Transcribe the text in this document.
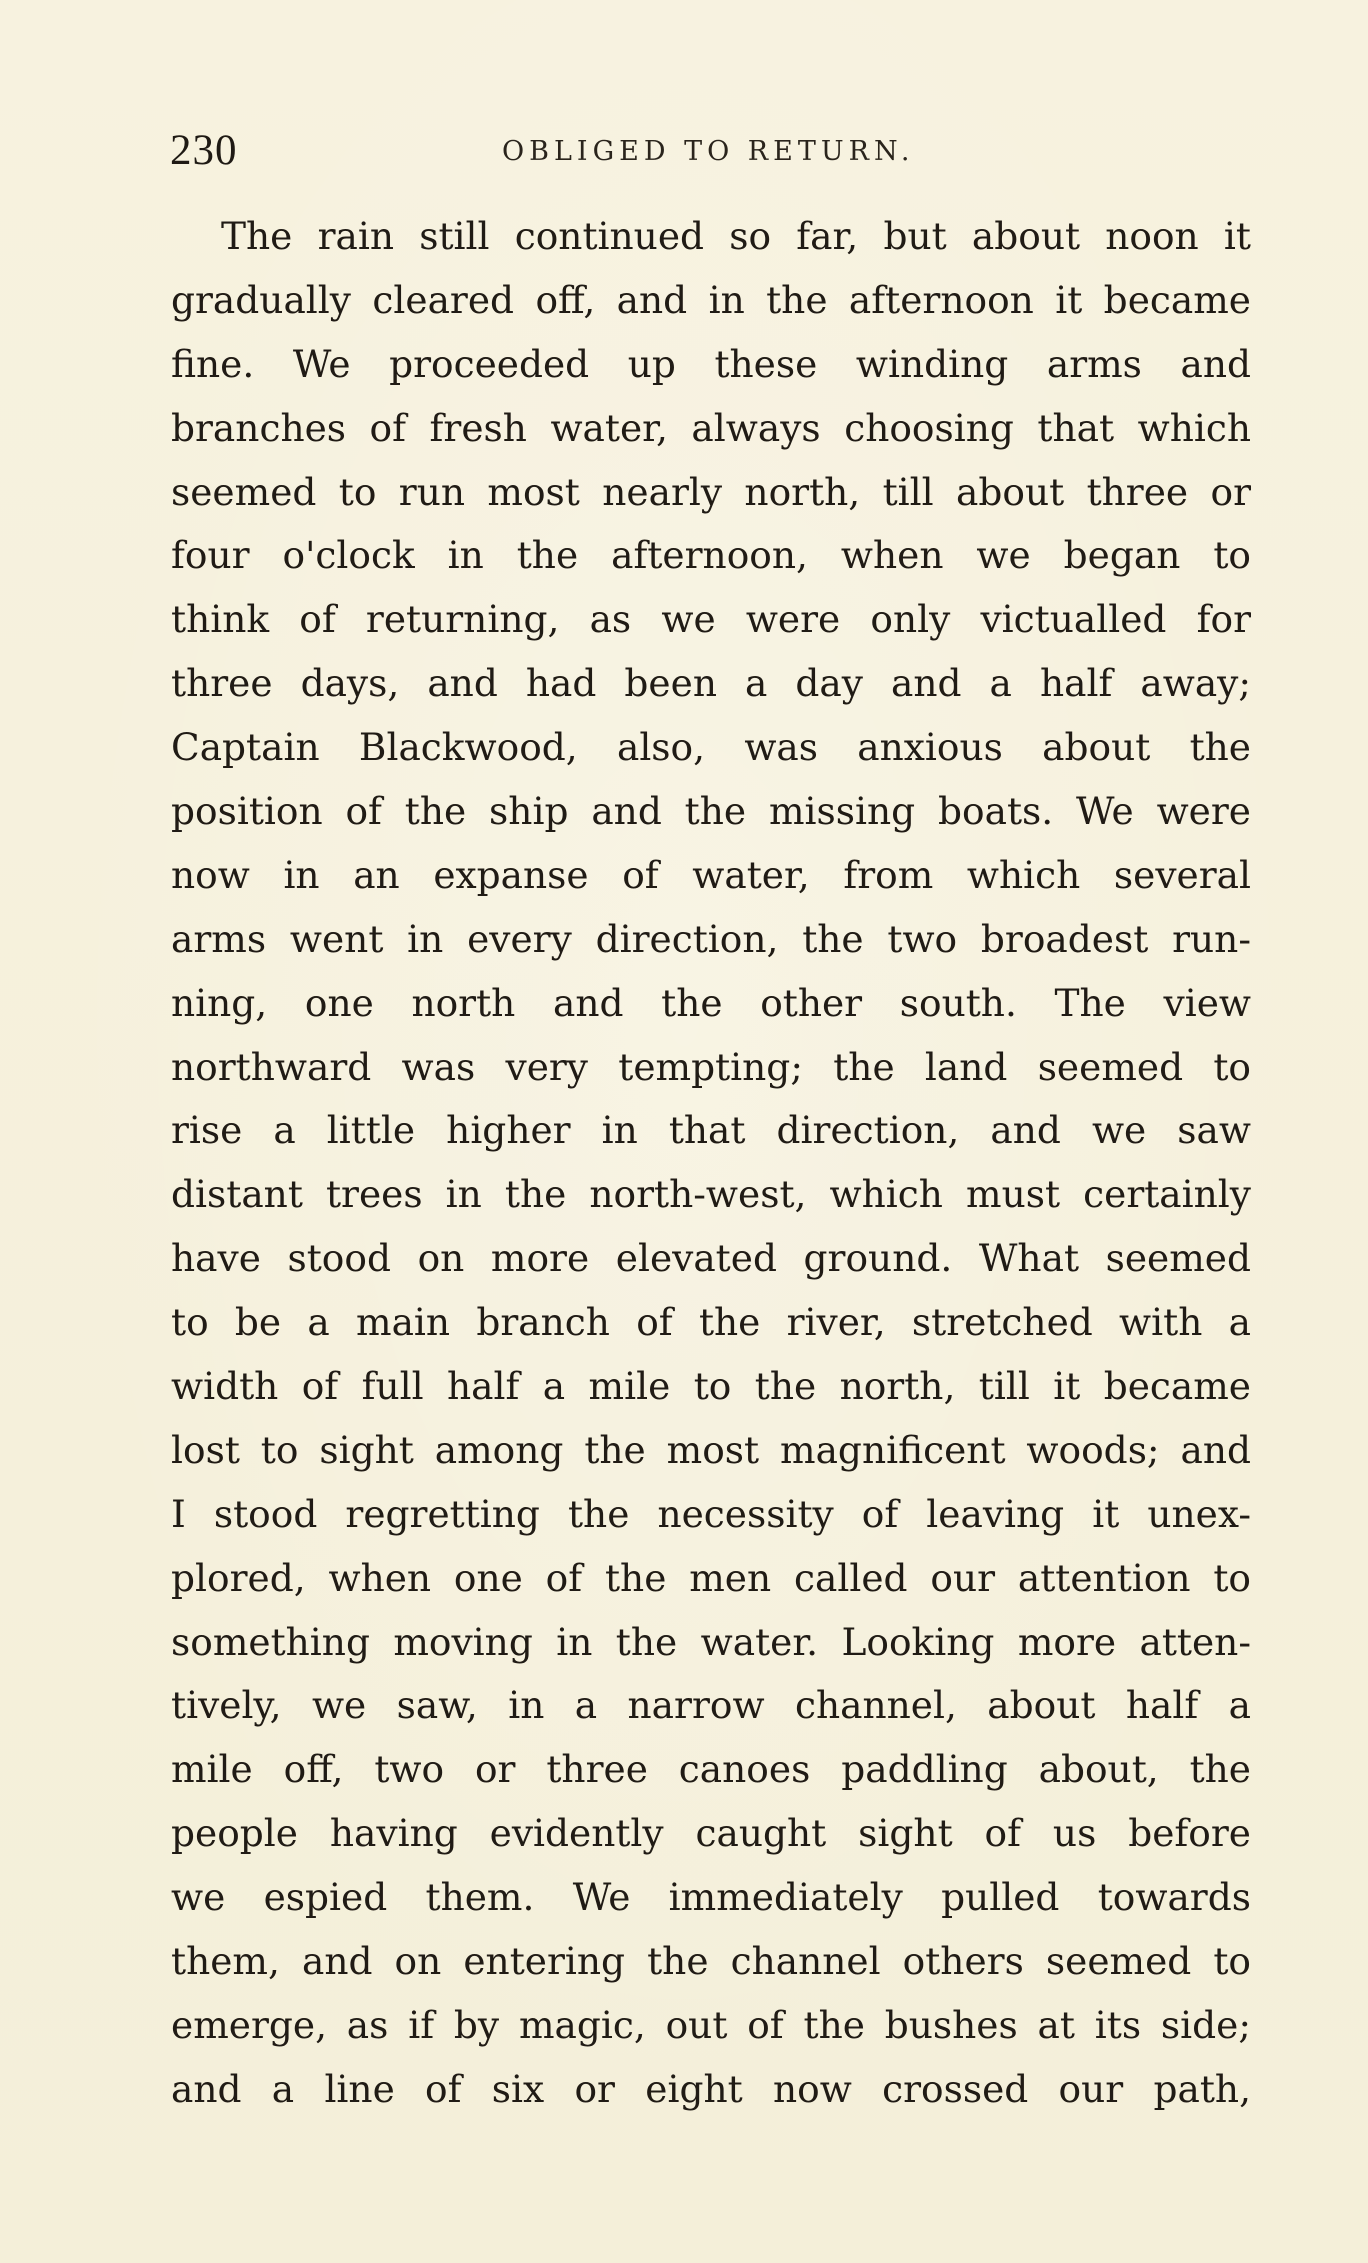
230	OBLIGED TO RETURN.
The rain still continued so far, but about noon it
gradually cleared off, and in the afternoon it became
fine. We proceeded up these winding arms and
branches of fresh water, always choosing that which
seemed to run most nearly north, till about three or
four o'clock in the afternoon, when we began to
think of returning, as we were only victualled for
three days, and had been a day and a half away;
Captain Blackwood, also, was anxious about the
position of the ship and the missing boats. We were
now in an expanse of water, from which several
arms went in every direction, the two broadest run-
ning, one north and the other south. The view
northward was very tempting; the land seemed to
rise a little higher in that direction, and we saw
distant trees in the north-west, which must certainly
have stood on more elevated ground. What seemed
to be a main branch of the river, stretched with a
width of full half a mile to the north, till it became
lost to sight among the most magnificent woods; and
I stood regretting the necessity of leaving it unex-
plored, when one of the men called our attention to
something moving in the water. Looking more atten-
tively, we saw, in a narrow channel, about half a
mile off, two or three canoes paddling about, the
people having evidently caught sight of us before
we espied them. We immediately pulled towards
them, and on entering the channel others seemed to
emerge, as if by magic, out of the bushes at its side;
and a line of six or eight now crossed our path,
